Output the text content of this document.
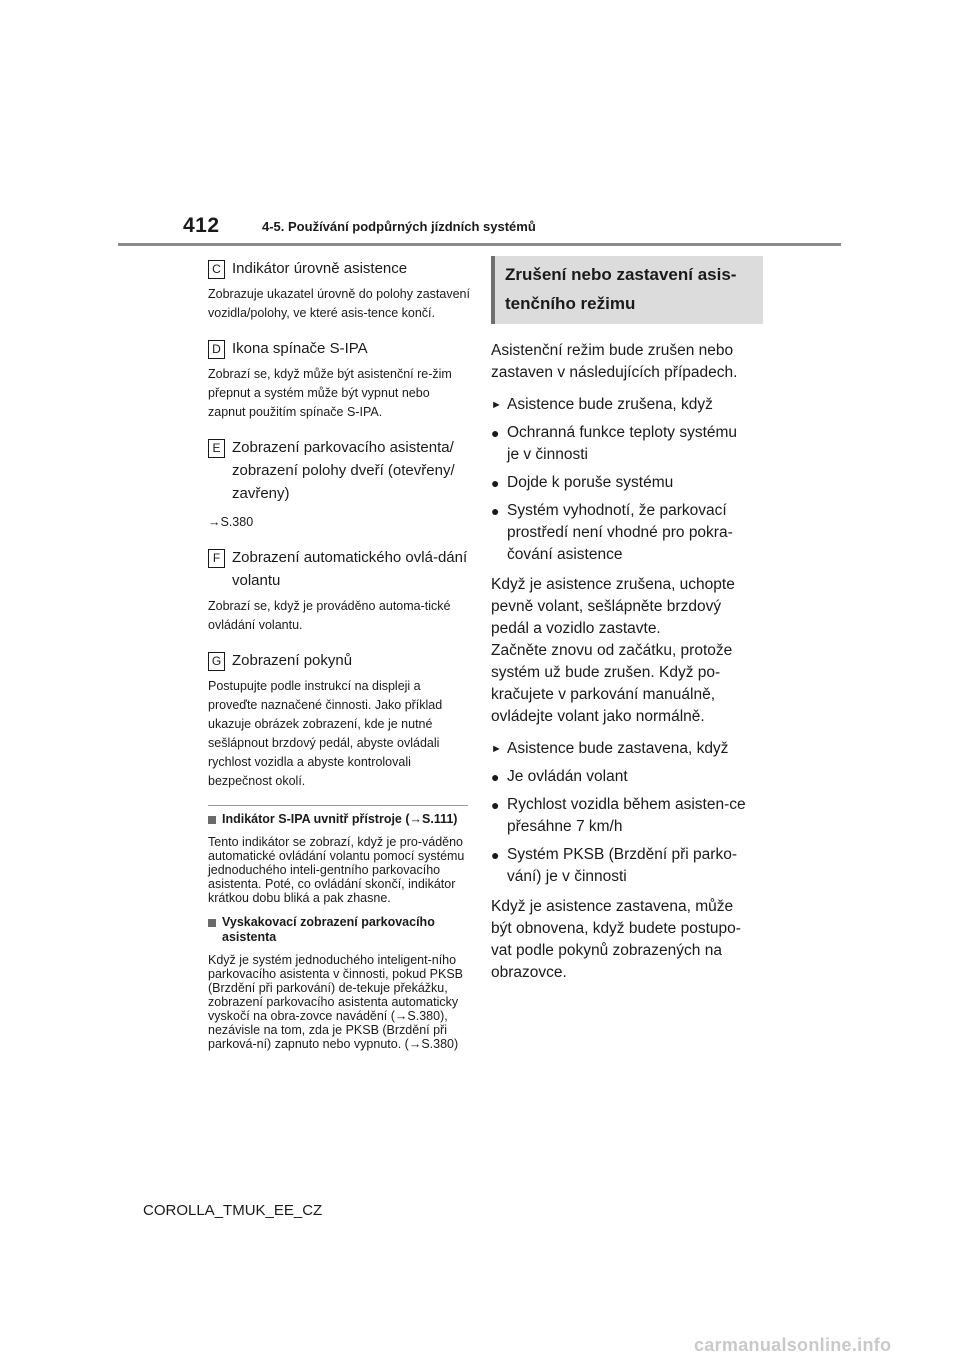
412	4-5. Používání podpůrných jízdních systémů
C Indikátor úrovně asistence
Zobrazuje ukazatel úrovně do polohy zastavení vozidla/polohy, ve které asis-tence končí.
D Ikona spínače S-IPA
Zobrazí se, když může být asistenční re-žim přepnut a systém může být vypnut nebo zapnut použitím spínače S-IPA.
E Zobrazení parkovacího asistenta/ zobrazení polohy dveří (otevřeny/ zavřeny)
→S.380
F Zobrazení automatického ovlá-dání volantu
Zobrazí se, když je prováděno automa-tické ovládání volantu.
G Zobrazení pokynů
Postupujte podle instrukcí na displeji a proveďte naznačené činnosti. Jako příklad ukazuje obrázek zobrazení, kde je nutné sešlápnout brzdový pedál, abyste ovládali rychlost vozidla a abyste kontrolovali bezpečnost okolí.
Indikátor S-IPA uvnitř přístroje (→S.111)
Tento indikátor se zobrazí, když je pro-váděno automatické ovládání volantu pomocí systému jednoduchého inteli-gentního parkovacího asistenta. Poté, co ovládání skončí, indikátor krátkou dobu bliká a pak zhasne.
Vyskakovací zobrazení parkovacího asistenta
Když je systém jednoduchého inteligent-ního parkovacího asistenta v činnosti, pokud PKSB (Brzdění při parkování) de-tekuje překážku, zobrazení parkovacího asistenta automaticky vyskočí na obra-zovce navádění (→S.380), nezávisle na tom, zda je PKSB (Brzdění při parková-ní) zapnuto nebo vypnuto. (→S.380)
Zrušení nebo zastavení asis-tenčního režimu
Asistenční režim bude zrušen nebo zastaven v následujících případech.
► Asistence bude zrušena, když
● Ochranná funkce teploty systému je v činnosti
● Dojde k poruše systému
● Systém vyhodnotí, že parkovací prostředí není vhodné pro pokra-čování asistence
Když je asistence zrušena, uchopte pevně volant, sešlápněte brzdový pedál a vozidlo zastavte.
Začněte znovu od začátku, protože systém už bude zrušen. Když po-kračujete v parkování manuálně, ovládejte volant jako normálně.
► Asistence bude zastavena, když
● Je ovládán volant
● Rychlost vozidla během asisten-ce přesáhne 7 km/h
● Systém PKSB (Brzdění při parko-vání) je v činnosti
Když je asistence zastavena, může být obnovena, když budete postupo-vat podle pokynů zobrazených na obrazovce.
COROLLA_TMUK_EE_CZ
carmanualsonline.info
